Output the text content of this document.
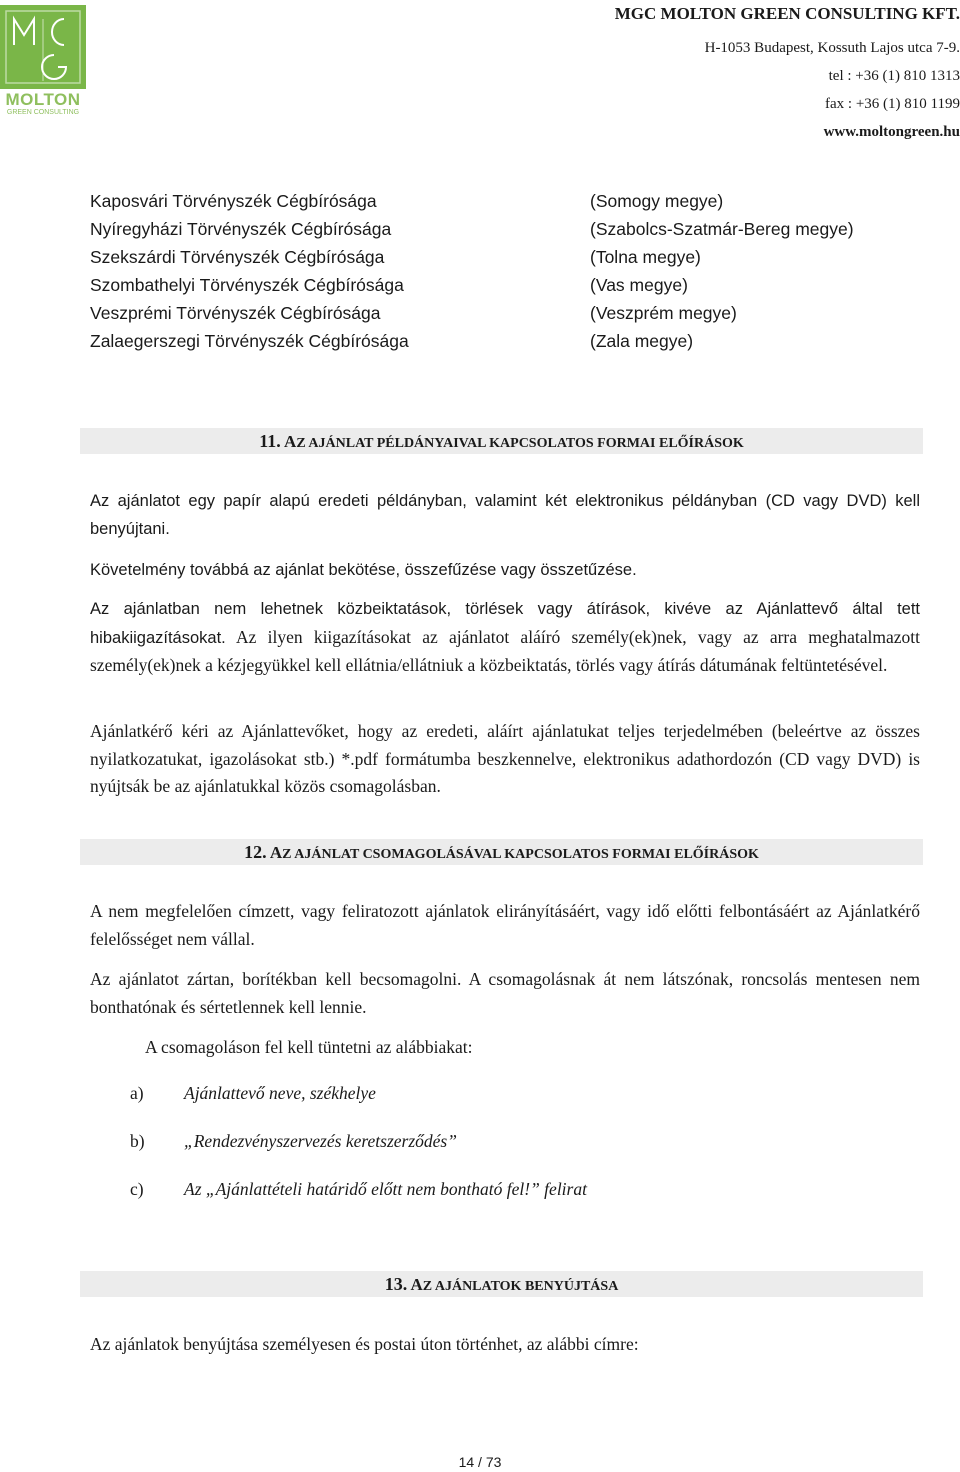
MOLTON
GREEN CONSULTING
MGC MOLTON GREEN CONSULTING KFT.
H-1053 Budapest, Kossuth Lajos utca 7-9.
tel : +36 (1) 810 1313
fax : +36 (1) 810 1199
www.moltongreen.hu
Kaposvári Törvényszék Cégbírósága	(Somogy megye)
Nyíregyházi Törvényszék Cégbírósága	(Szabolcs-Szatmár-Bereg megye)
Szekszárdi Törvényszék Cégbírósága	(Tolna megye)
Szombathelyi Törvényszék Cégbírósága	(Vas megye)
Veszprémi Törvényszék Cégbírósága	(Veszprém megye)
Zalaegerszegi Törvényszék Cégbírósága	(Zala megye)
11. AZ AJÁNLAT PÉLDÁNYAIVAL KAPCSOLATOS FORMAI ELŐÍRÁSOK
Az ajánlatot egy papír alapú eredeti példányban, valamint két elektronikus példányban (CD vagy DVD) kell benyújtani.
Követelmény továbbá az ajánlat bekötése, összefűzése vagy összetűzése.
Az ajánlatban nem lehetnek közbeiktatások, törlések vagy átírások, kivéve az Ajánlattevő által tett hibakiigazításokat. Az ilyen kiigazításokat az ajánlatot aláíró személy(ek)nek, vagy az arra meghatalmazott személy(ek)nek a kézjegyükkel kell ellátnia/ellátniuk a közbeiktatás, törlés vagy átírás dátumának feltüntetésével.
Ajánlatkérő kéri az Ajánlattevőket, hogy az eredeti, aláírt ajánlatukat teljes terjedelmében (beleértve az összes nyilatkozatukat, igazolásokat stb.) *.pdf formátumba beszkennelve, elektronikus adathordozón (CD vagy DVD) is nyújtsák be az ajánlatukkal közös csomagolásban.
12. AZ AJÁNLAT CSOMAGOLÁSÁVAL KAPCSOLATOS FORMAI ELŐÍRÁSOK
A nem megfelelően címzett, vagy feliratozott ajánlatok elirányításáért, vagy idő előtti felbontásáért az Ajánlatkérő felelősséget nem vállal.
Az ajánlatot zártan, borítékban kell becsomagolni. A csomagolásnak át nem látszónak, roncsolás mentesen nem bonthatónak és sértetlennek kell lennie.
A csomagoláson fel kell tüntetni az alábbiakat:
a) Ajánlattevő neve, székhelye
b) „Rendezvényszervezés keretszerződés”
c) Az „Ajánlattételi határidő előtt nem bontható fel!” felirat
13. AZ AJÁNLATOK BENYÚJTÁSA
Az ajánlatok benyújtása személyesen és postai úton történhet, az alábbi címre:
14 / 73
